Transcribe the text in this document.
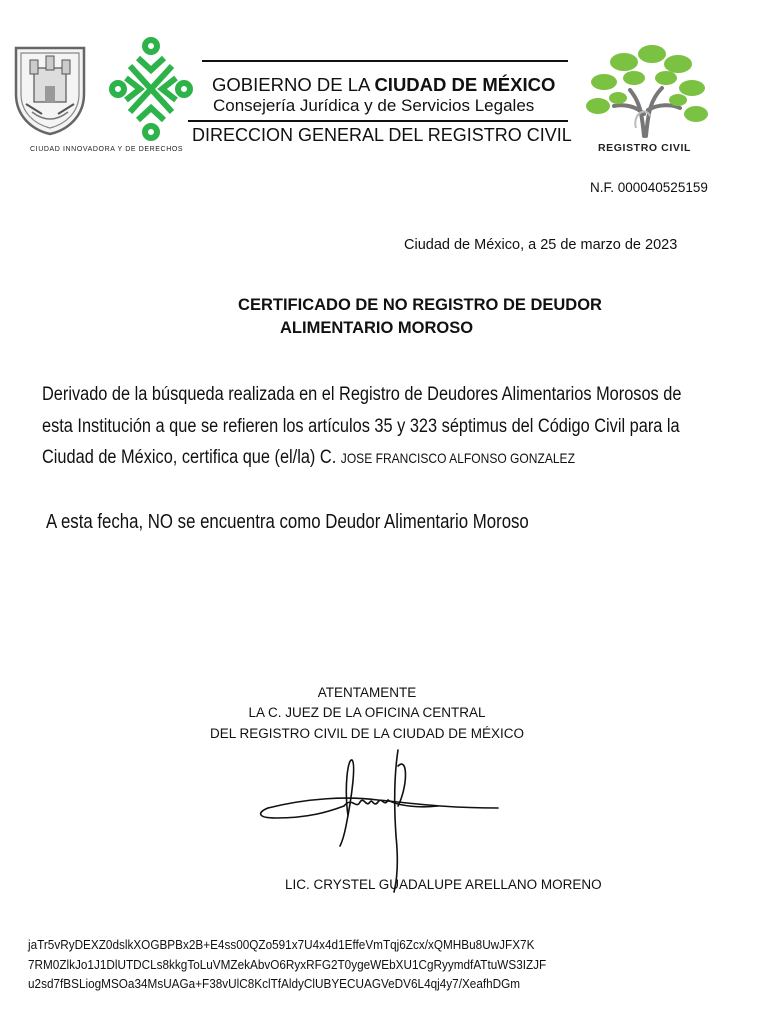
CIUDAD INNOVADORA Y DE DERECHOS
GOBIERNO DE LA CIUDAD DE MÉXICO
Consejería Jurídica y de Servicios Legales
DIRECCION GENERAL DEL REGISTRO CIVIL
REGISTRO CIVIL
N.F. 000040525159
Ciudad de México, a 25 de marzo de 2023
CERTIFICADO DE NO REGISTRO DE DEUDOR
ALIMENTARIO MOROSO
Derivado de la búsqueda realizada en el Registro de Deudores Alimentarios Morosos de
esta Institución a que se refieren los artículos 35 y 323 séptimus del Código Civil para la
Ciudad de México, certifica que (el/la) C. JOSE FRANCISCO ALFONSO GONZALEZ
A esta fecha, NO se encuentra como Deudor Alimentario Moroso
ATENTAMENTE
LA C. JUEZ DE LA OFICINA CENTRAL
DEL REGISTRO CIVIL DE LA CIUDAD DE MÉXICO
LIC. CRYSTEL GUADALUPE ARELLANO MORENO
jaTr5vRyDEXZ0dslkXOGBPBx2B+E4ss00QZo591x7U4x4d1EffeVmTqj6Zcx/xQMHBu8UwJFX7K
7RM0ZlkJo1J1DlUTDCLs8kkgToLuVMZekAbvO6RyxRFG2T0ygeWEbXU1CgRyymdfATtuWS3IZJF
u2sd7fBSLiogMSOa34MsUAGa+F38vUlC8KclTfAldyClUBYECUAGVeDV6L4qj4y7/XeafhDGm
